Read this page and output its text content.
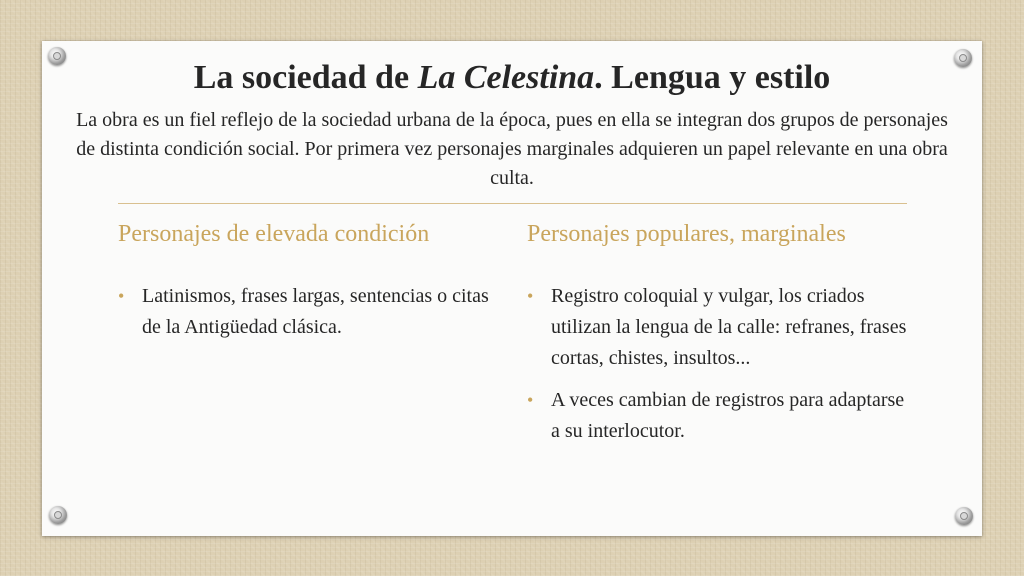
La sociedad de La Celestina. Lengua y estilo

La obra es un fiel reflejo de la sociedad urbana de la época, pues en ella se integran dos grupos de personajes de distinta condición social. Por primera vez personajes marginales adquieren un papel relevante en una obra culta.

Personajes de elevada condición	Personajes populares, marginales
• Latinismos, frases largas, sentencias o citas de la Antigüedad clásica.
• Registro coloquial y vulgar, los criados utilizan la lengua de la calle: refranes, frases cortas, chistes, insultos...
• A veces cambian de registros para adaptarse a su interlocutor.
